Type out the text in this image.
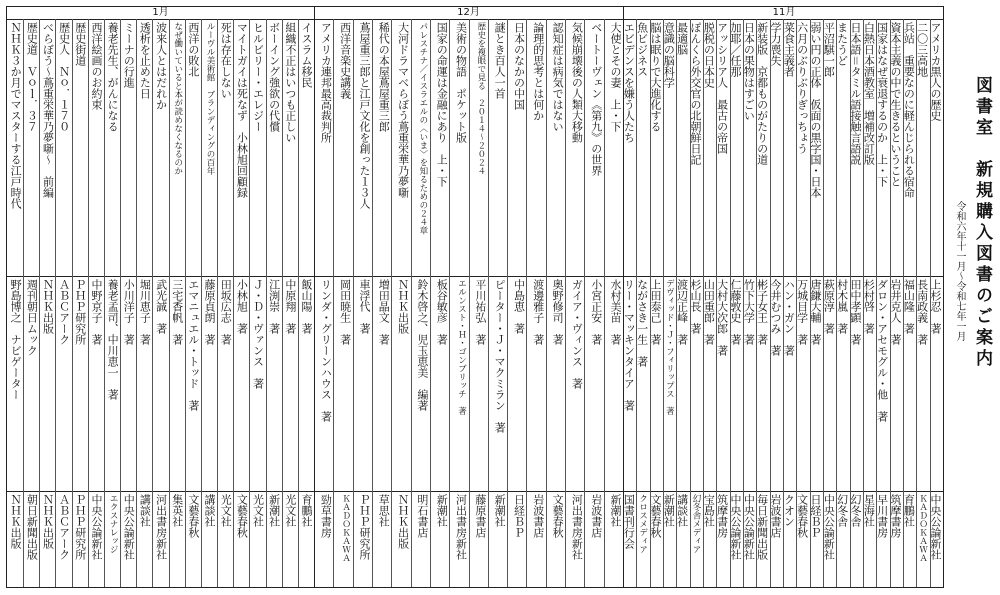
1月	12月	11月
アメリカ黒人の歴史
上杉忍　著
中央公論新社
二〇三高地
長南政義　著
ＫＡＤＯＫＡＷＡ
兵站　重要なのに軽んじられる宿命
福山隆　著
育鵬社
資本主義の中で生きるということ
岩井克人　著
筑摩書房
国家はなぜ衰退するのか　上・下
ダロン・アセモグル・他　著
早川書房
白熱日本酒教室　増補改訂版
杉村啓　著
星海社
日本語＝タミル語接触言語説
田中孝顕　著
幻冬舎
またうど
村木嵐　著
幻冬舎
平沼騏一郎
萩原淳　著
中央公論新社
弱い円の正体　仮面の黒字国・日本
唐鎌大輔　著
日経ＢＰ
六月のぶりぶりぎっちょう
万城目学　著
文藝春秋
菜食主義者
ハン・ガン　著
クオン
学力喪失
今井むつみ　著
岩波書店
新装版　京都ものがたりの道
彬子女王　著
毎日新聞出版
日本の果物はすごい
竹下大学　著
中央公論新社
加耶／任那
仁藤敦史　著
中央公論新社
アッシリア人　最古の帝国
大村大次郎　著
筑摩書房
脱税の日本史
山田重郎　著
宝島社
ぽんくら外交官の北朝鮮日記
杉山長　著
幻冬舎メディア
最適脳
渡辺正峰　著
講談社
意識の脳科学
デヴィッド・Ｊ・フィリップス　著
新潮社
脳は眠りで大進化する
上田泰己　著
文藝春秋
魚ビジネス
ながさき一生　著
クロスメディア
エビデンスを嫌う人たち
リー・マッキンタイア　著
国書刊行会
大使とその妻　上・下
水村美苗　著
新潮社
ベートーヴェン《第九》の世界
小宮正安　著
岩波書店
気候崩壊後の人類大移動
ガイア・ヴィンス　著
河出書房新社
認知症は病気ではない
奥野修司　著
文藝春秋
論理的思考とは何か
渡邊雅子　著
岩波書店
日本のなかの中国
中島恵　著
日経ＢＰ
謎とき百人一首
ピーター・Ｊ・マクミラン　著
新潮社
歴史を複眼で見る　２０１４〜２０２４
平川祐弘　著
藤原書店
美術の物語　ポケット版
エルンスト・Ｈ・ゴンブリッチ　著
河出書房新社
国家の命運は金融にあり　上・下
板谷敏彦　著
新潮社
パレスチナ／イスラエルの〈いま〉を知るための２４章
鈴木啓之、児玉恵美　編著
明石書店
大河ドラマべらぼう蔦重栄華乃夢噺
ＮＨＫ出版
ＮＨＫ出版
稀代の本屋蔦屋重三郎
増田晶文　著
草思社
蔦屋重三郎と江戸文化を創った１３人
車浮代　著
ＰＨＰ研究所
西洋音楽史講義
岡田暁生　著
ＫＡＤＯＫＡＷＡ
アメリカ連邦最高裁判所
リンダ・グリーンハウス　著
勁草書房
イスラム移民
飯山陽　著
育鵬社
組織不正はいつも正しい
中原翔　著
光文社
ボーイング強欲の代償
江渕崇　著
新潮社
ヒルビリー・エレジー
Ｊ・Ｄ・ヴァンス　著
光文社
マイトガイは死なず　小林旭回顧録
小林旭　著
文藝春秋
死は存在しない
田坂広志　著
光文社
ルーヴル美術館　ブランディングの百年
藤原貞朗　著
講談社
西洋の敗北
エマニュエル・トッド　著
文藝春秋
なぜ働いていると本が読めなくなるのか
三宅香帆　著
集英社
波来人とはだれか
武光誠　著
河出書房新社
透析を止めた日
堀川恵子　著
講談社
ミーナの行進
小川洋子　著
中央公論新社
養老先生、がんになる
養老孟司、中川恵一　著
エクスナレッジ
西洋絵画のお約束
中野京子　著
中央公論新社
歴史街道
ＰＨＰ研究所
ＰＨＰ研究所
歴史人　Ｎｏ．１７０
ＡＢＣアーク
ＡＢＣアーク
べらぼう〜蔦重栄華乃夢噺〜　前編
ＮＨＫ出版
ＮＨＫ出版
歴史道　Ｖｏｌ．３７
週刊朝日ムック
朝日新聞出版
ＮＨＫ３か月でマスターする江戸時代
野島博之　ナビゲーター
ＮＨＫ出版
図書室　新規購入図書のご案内
令和六年十一月〜令和七年一月
